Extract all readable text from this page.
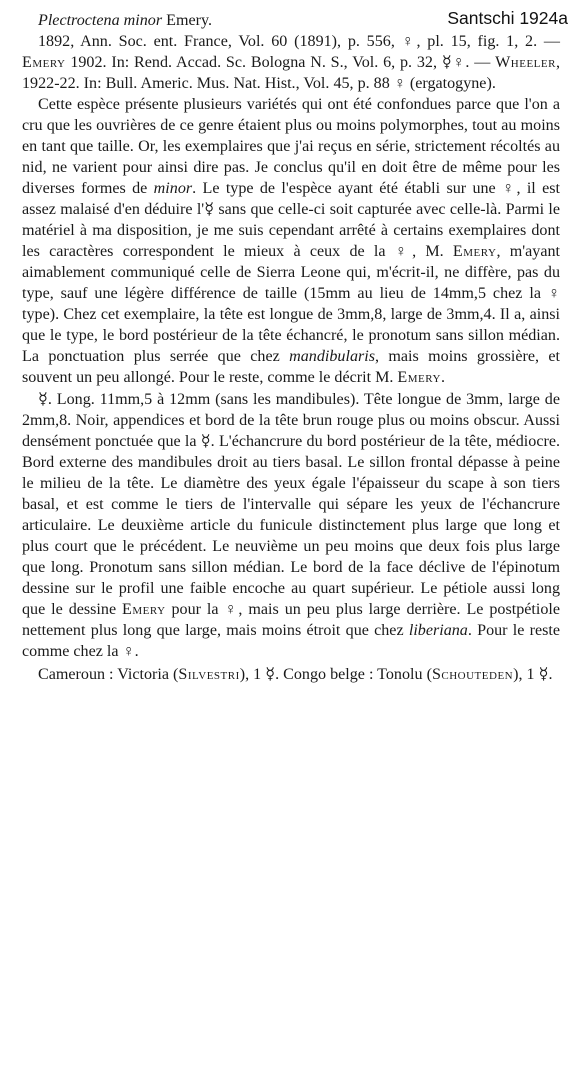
Santschi 1924a

Plectroctena minor Emery.

1892, Ann. Soc. ent. France, Vol. 60 (1891), p. 556, ♀, pl. 15, fig. 1, 2. — Emery 1902. In: Rend. Accad. Sc. Bologna N. S., Vol. 6, p. 32, ☿♀. — Wheeler, 1922-22. In: Bull. Americ. Mus. Nat. Hist., Vol. 45, p. 88 ♀ (ergatogyne).

Cette espèce présente plusieurs variétés qui ont été confondues parce que l'on a cru que les ouvrières de ce genre étaient plus ou moins polymorphes, tout au moins en tant que taille. Or, les exemplaires que j'ai reçus en série, strictement récoltés au nid, ne varient pour ainsi dire pas. Je conclus qu'il en doit être de même pour les diverses formes de minor. Le type de l'espèce ayant été établi sur une ♀, il est assez malaisé d'en déduire l'☿ sans que celle-ci soit capturée avec celle-là. Parmi le matériel à ma disposition, je me suis cependant arrêté à certains exemplaires dont les caractères correspondent le mieux à ceux de la ♀, M. Emery, m'ayant aimablement communiqué celle de Sierra Leone qui, m'écrit-il, ne diffère, pas du type, sauf une légère différence de taille (15mm au lieu de 14mm,5 chez la ♀ type). Chez cet exemplaire, la tête est longue de 3mm,8, large de 3mm,4. Il a, ainsi que le type, le bord postérieur de la tête échancré, le pronotum sans sillon médian. La ponctuation plus serrée que chez mandibularis, mais moins grossière, et souvent un peu allongé. Pour le reste, comme le décrit M. Emery.

☿. Long. 11mm,5 à 12mm (sans les mandibules). Tête longue de 3mm, large de 2mm,8. Noir, appendices et bord de la tête brun rouge plus ou moins obscur. Aussi densément ponctuée que la ☿. L'échancrure du bord postérieur de la tête, médiocre. Bord externe des mandibules droit au tiers basal. Le sillon frontal dépasse à peine le milieu de la tête. Le diamètre des yeux égale l'épaisseur du scape à son tiers basal, et est comme le tiers de l'intervalle qui sépare les yeux de l'échancrure articulaire. Le deuxième article du funicule distinctement plus large que long et plus court que le précédent. Le neuvième un peu moins que deux fois plus large que long. Pronotum sans sillon médian. Le bord de la face déclive de l'épinotum dessine sur le profil une faible encoche au quart supérieur. Le pétiole aussi long que le dessine Emery pour la ♀, mais un peu plus large derrière. Le postpétiole nettement plus long que large, mais moins étroit que chez liberiana. Pour le reste comme chez la ♀.

Cameroun : Victoria (Silvestri), 1 ☿. Congo belge : Tonolu (Schouteden), 1 ☿.
